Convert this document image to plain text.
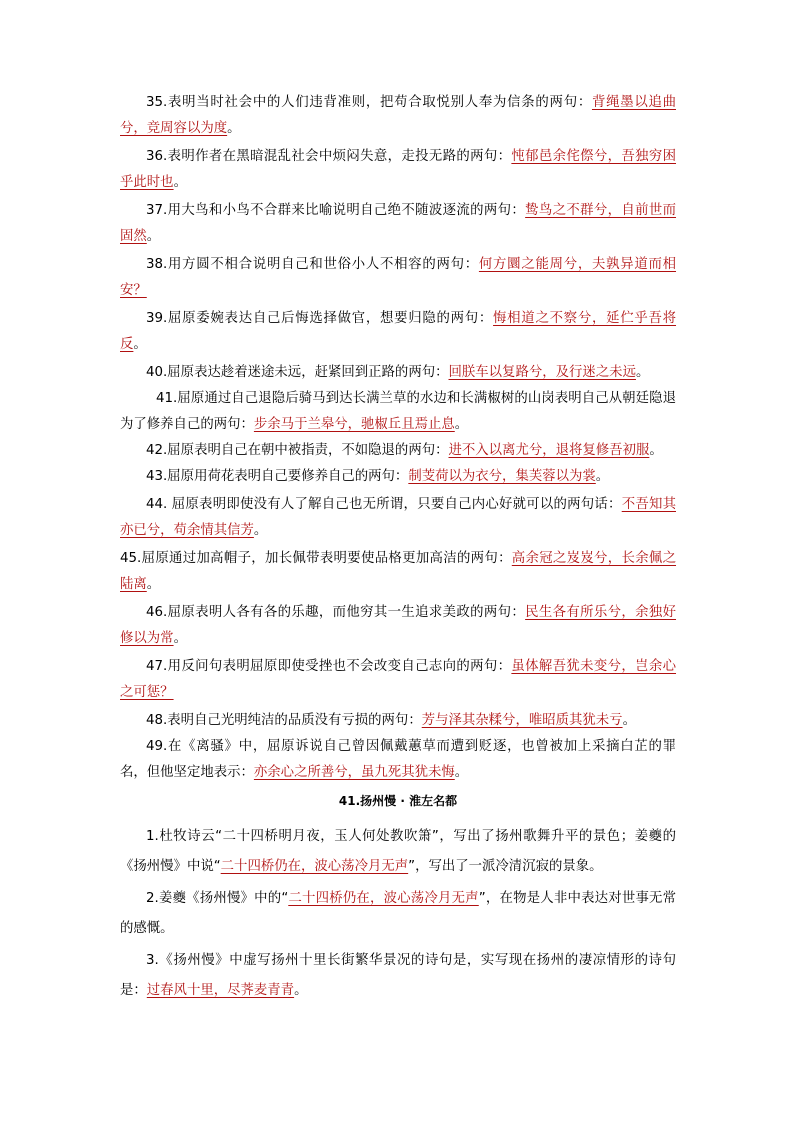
35.表明当时社会中的人们违背准则，把苟合取悦别人奉为信条的两句：背绳墨以追曲兮，竞周容以为度。

36.表明作者在黑暗混乱社会中烦闷失意，走投无路的两句：忳郁邑余侘傺兮，吾独穷困乎此时也。

37.用大鸟和小鸟不合群来比喻说明自己绝不随波逐流的两句：鸷鸟之不群兮，自前世而固然。

38.用方圆不相合说明自己和世俗小人不相容的两句：何方圜之能周兮，夫孰异道而相安？

39.屈原委婉表达自己后悔选择做官，想要归隐的两句：悔相道之不察兮，延伫乎吾将反。

40.屈原表达趁着迷途未远，赶紧回到正路的两句：回朕车以复路兮，及行迷之未远。

41.屈原通过自己退隐后骑马到达长满兰草的水边和长满椒树的山岗表明自己从朝廷隐退为了修养自己的两句：步余马于兰皋兮，驰椒丘且焉止息。

42.屈原表明自己在朝中被指责，不如隐退的两句：进不入以离尤兮，退将复修吾初服。

43.屈原用荷花表明自己要修养自己的两句：制芰荷以为衣兮，集芙蓉以为裳。

44. 屈原表明即使没有人了解自己也无所谓，只要自己内心好就可以的两句话：不吾知其亦已兮，苟余情其信芳。

45.屈原通过加高帽子，加长佩带表明要使品格更加高洁的两句：高余冠之岌岌兮，长余佩之陆离。

46.屈原表明人各有各的乐趣，而他穷其一生追求美政的两句：民生各有所乐兮，余独好修以为常。

47.用反问句表明屈原即使受挫也不会改变自己志向的两句：虽体解吾犹未变兮，岂余心之可惩？

48.表明自己光明纯洁的品质没有亏损的两句：芳与泽其杂糅兮，唯昭质其犹未亏。

49.在《离骚》中，屈原诉说自己曾因佩戴蕙草而遭到贬逐，也曾被加上采摘白芷的罪名，但他坚定地表示：亦余心之所善兮，虽九死其犹未悔。

41.扬州慢 · 淮左名都

1.杜牧诗云“二十四桥明月夜，玉人何处教吹箫”，写出了扬州歌舞升平的景色；姜夔的《扬州慢》中说“二十四桥仍在，波心荡冷月无声”，写出了一派冷清沉寂的景象。

2.姜夔《扬州慢》中的“二十四桥仍在，波心荡冷月无声”，在物是人非中表达对世事无常的感慨。

3.《扬州慢》中虚写扬州十里长街繁华景况的诗句是，实写现在扬州的凄凉情形的诗句是：过春风十里，尽荠麦青青。
